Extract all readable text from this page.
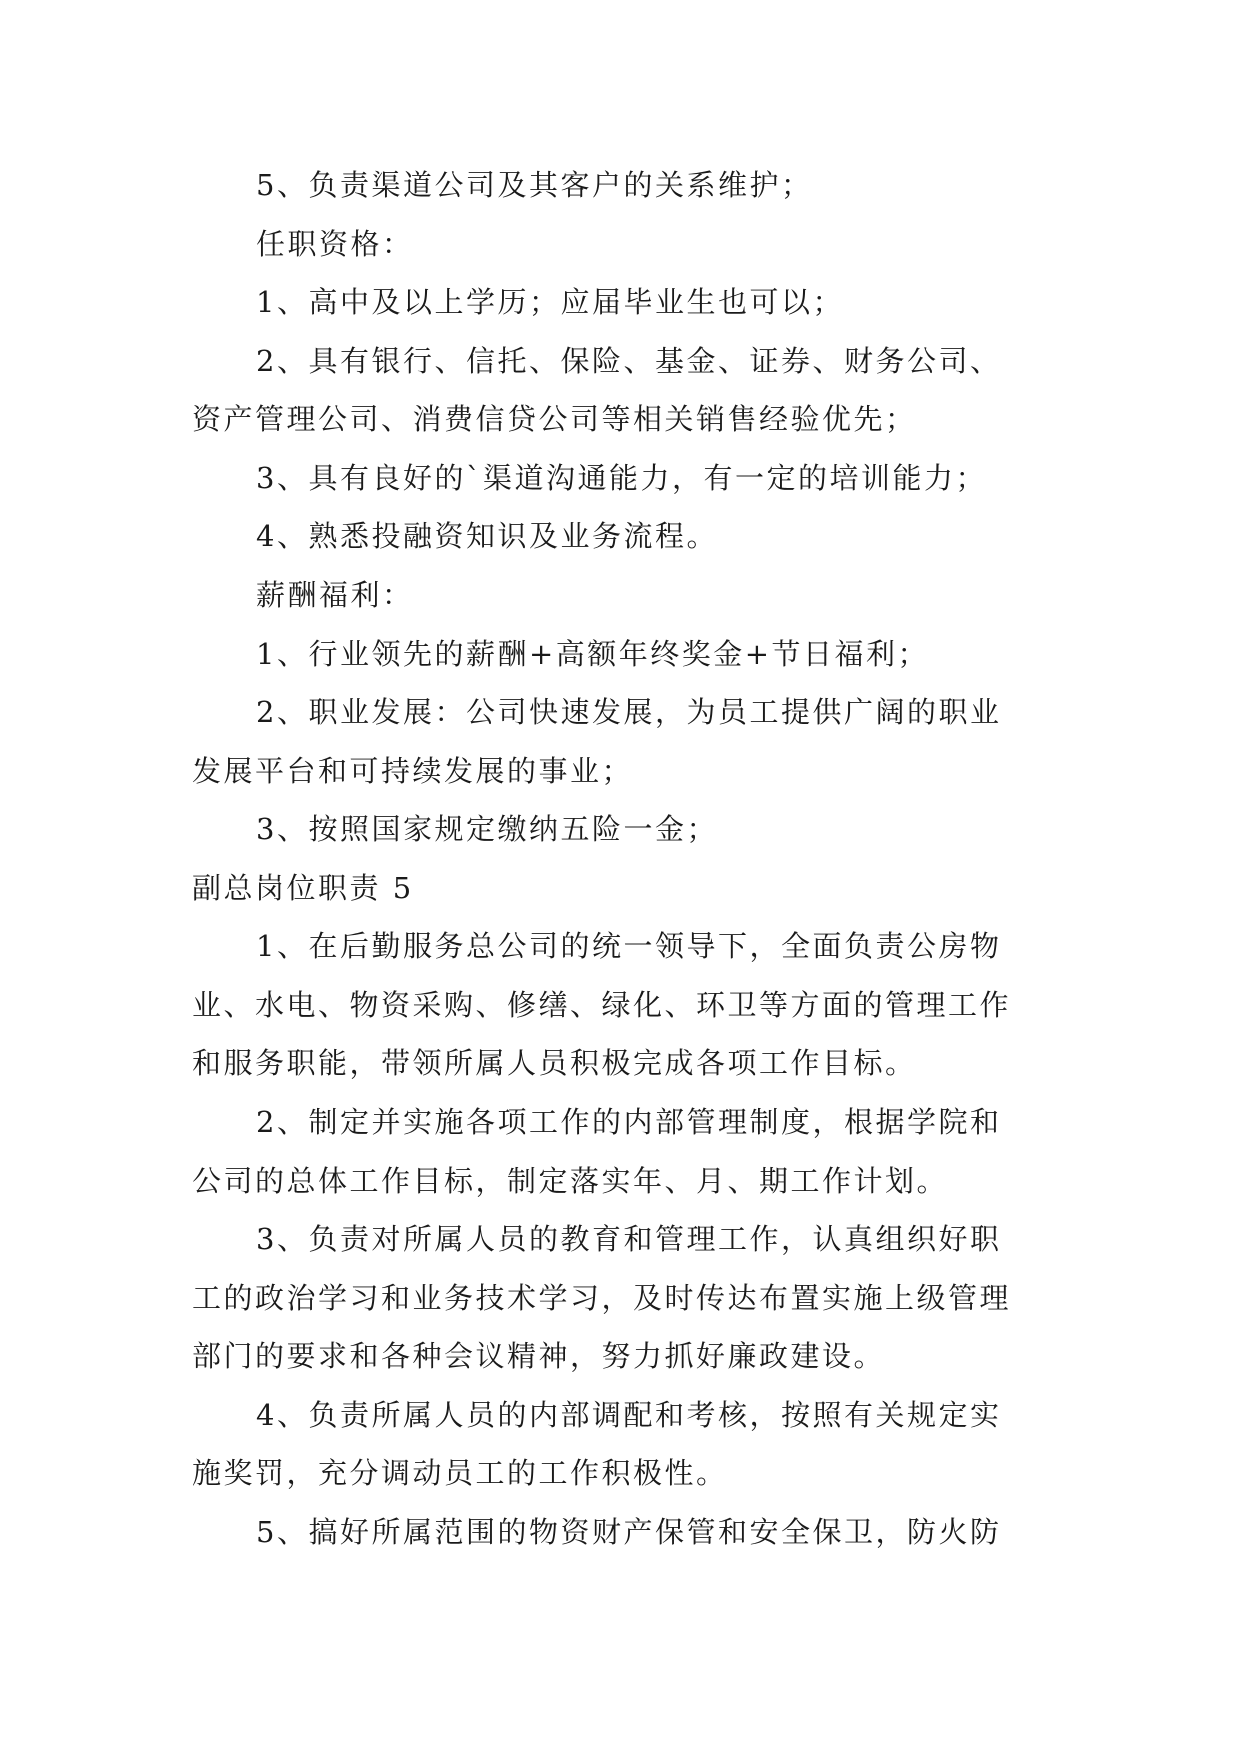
5、负责渠道公司及其客户的关系维护；
任职资格：
1、高中及以上学历；应届毕业生也可以；
2、具有银行、信托、保险、基金、证券、财务公司、
资产管理公司、消费信贷公司等相关销售经验优先；
3、具有良好的`渠道沟通能力，有一定的培训能力；
4、熟悉投融资知识及业务流程。
薪酬福利：
1、行业领先的薪酬+高额年终奖金+节日福利；
2、职业发展：公司快速发展，为员工提供广阔的职业
发展平台和可持续发展的事业；
3、按照国家规定缴纳五险一金；
副总岗位职责 5
1、在后勤服务总公司的统一领导下，全面负责公房物
业、水电、物资采购、修缮、绿化、环卫等方面的管理工作
和服务职能，带领所属人员积极完成各项工作目标。
2、制定并实施各项工作的内部管理制度，根据学院和
公司的总体工作目标，制定落实年、月、期工作计划。
3、负责对所属人员的教育和管理工作，认真组织好职
工的政治学习和业务技术学习，及时传达布置实施上级管理
部门的要求和各种会议精神，努力抓好廉政建设。
4、负责所属人员的内部调配和考核，按照有关规定实
施奖罚，充分调动员工的工作积极性。
5、搞好所属范围的物资财产保管和安全保卫，防火防
